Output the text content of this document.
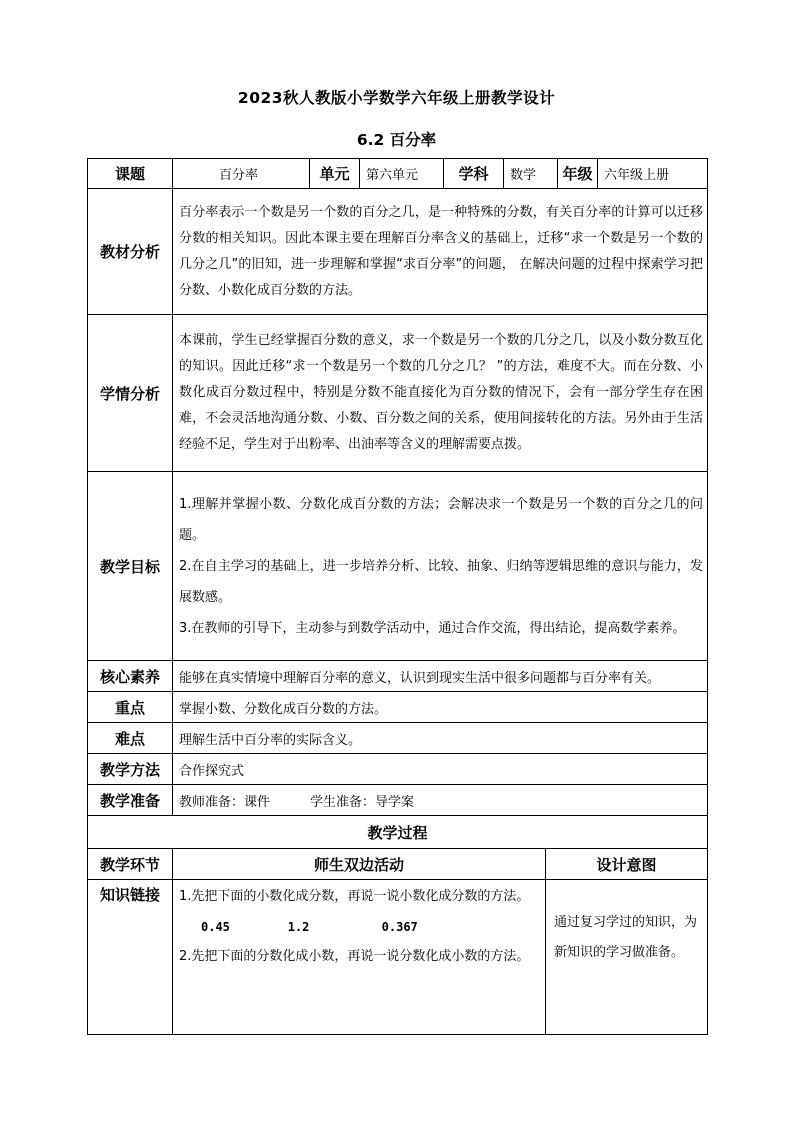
2023秋人教版小学数学六年级上册教学设计
6.2 百分率
课题	百分率	单元	第六单元	学科	数学		年级	六年级上册
教材分析	百分率表示一个数是另一个数的百分之几，是一种特殊的分数，有关百分率的计算可以迁移分数的相关知识。因此本课主要在理解百分率含义的基础上，迁移“求一个数是另一个数的几分之几”的旧知，进一步理解和掌握“求百分率”的问题， 在解决问题的过程中探索学习把分数、小数化成百分数的方法。							
学情分析	本课前，学生已经掌握百分数的意义，求一个数是另一个数的几分之几，以及小数分数互化的知识。因此迁移“求一个数是另一个数的几分之几？ ”的方法，难度不大。而在分数、小数化成百分数过程中，特别是分数不能直接化为百分数的情况下，会有一部分学生存在困难，不会灵活地沟通分数、小数、百分数之间的关系，使用间接转化的方法。另外由于生活经验不足，学生对于出粉率、出油率等含义的理解需要点拨。							
教学目标	1.理解并掌握小数、分数化成百分数的方法；会解决求一个数是另一个数的百分之几的问题。

2.在自主学习的基础上，进一步培养分析、比较、抽象、归纳等逻辑思维的意识与能力，发展数感。

3.在教师的引导下，主动参与到数学活动中，通过合作交流，得出结论，提高数学素养。							

核心素养	能够在真实情境中理解百分率的意义，认识到现实生活中很多问题都与百分率有关。							
重点	掌握小数、分数化成百分数的方法。							
难点	理解生活中百分率的实际含义。							
教学方法	合作探究式							
教学准备	教师准备：课件 学生准备：导学案							
教学过程								
教学环节	师生双边活动					设计意图		
知识链接	1.先把下面的小数化成分数，再说一说小数化成分数的方法。

0.45 1.2 0.367

2.先把下面的分数化成小数，再说一说分数化成小数的方法。					通过复习学过的知识，为新知识的学习做准备。		
